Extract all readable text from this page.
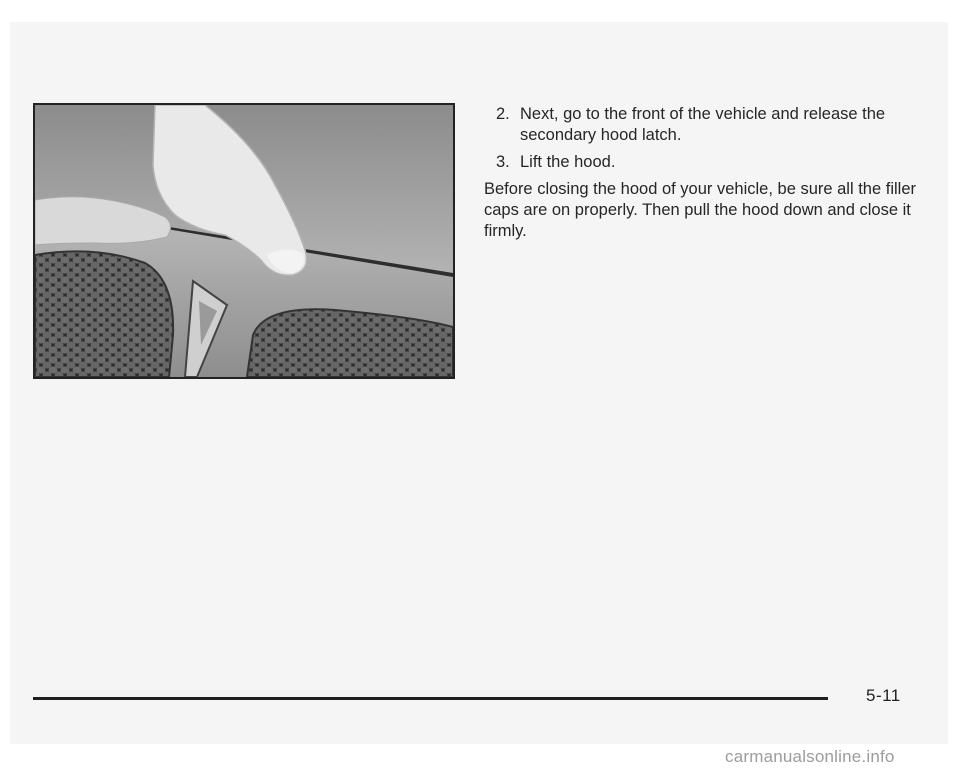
2. Next, go to the front of the vehicle and release the secondary hood latch.
3. Lift the hood.

Before closing the hood of your vehicle, be sure all the filler caps are on properly. Then pull the hood down and close it firmly.

5-11
carmanualsonline.info
